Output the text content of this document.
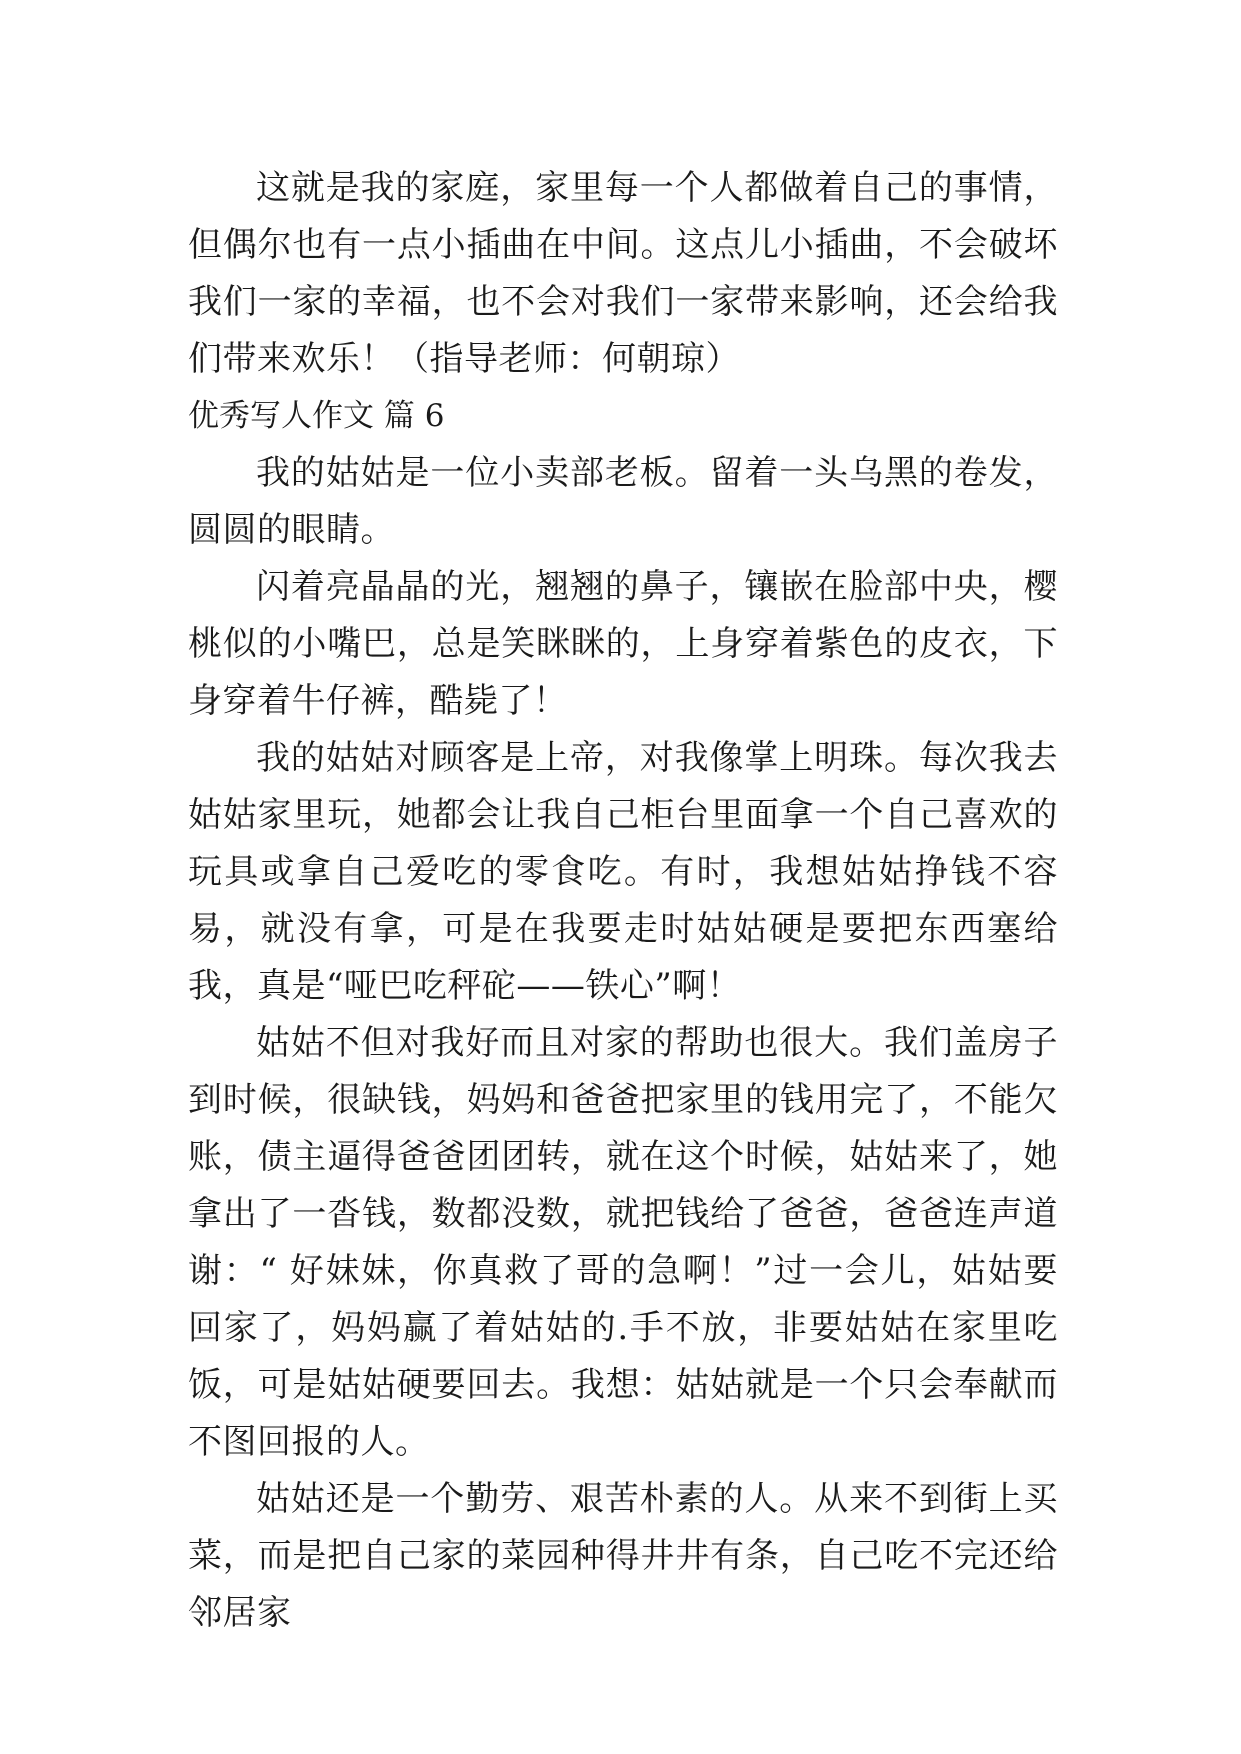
这就是我的家庭，家里每一个人都做着自己的事情，但偶尔也有一点小插曲在中间。这点儿小插曲，不会破坏我们一家的幸福，也不会对我们一家带来影响，还会给我们带来欢乐！（指导老师：何朝琼）

优秀写人作文 篇 6

我的姑姑是一位小卖部老板。留着一头乌黑的卷发，圆圆的眼睛。

闪着亮晶晶的光，翘翘的鼻子，镶嵌在脸部中央，樱桃似的小嘴巴，总是笑眯眯的，上身穿着紫色的皮衣，下身穿着牛仔裤，酷毙了！

我的姑姑对顾客是上帝，对我像掌上明珠。每次我去姑姑家里玩，她都会让我自己柜台里面拿一个自己喜欢的玩具或拿自己爱吃的零食吃。有时，我想姑姑挣钱不容易，就没有拿，可是在我要走时姑姑硬是要把东西塞给我，真是“哑巴吃秤砣——铁心”啊！

姑姑不但对我好而且对家的帮助也很大。我们盖房子到时候，很缺钱，妈妈和爸爸把家里的钱用完了，不能欠账，债主逼得爸爸团团转，就在这个时候，姑姑来了，她拿出了一沓钱，数都没数，就把钱给了爸爸，爸爸连声道谢：“ 好妹妹，你真救了哥的急啊！”过一会儿，姑姑要回家了，妈妈赢了着姑姑的.手不放，非要姑姑在家里吃饭，可是姑姑硬要回去。我想：姑姑就是一个只会奉献而不图回报的人。

姑姑还是一个勤劳、艰苦朴素的人。从来不到街上买菜，而是把自己家的菜园种得井井有条，自己吃不完还给邻居家
